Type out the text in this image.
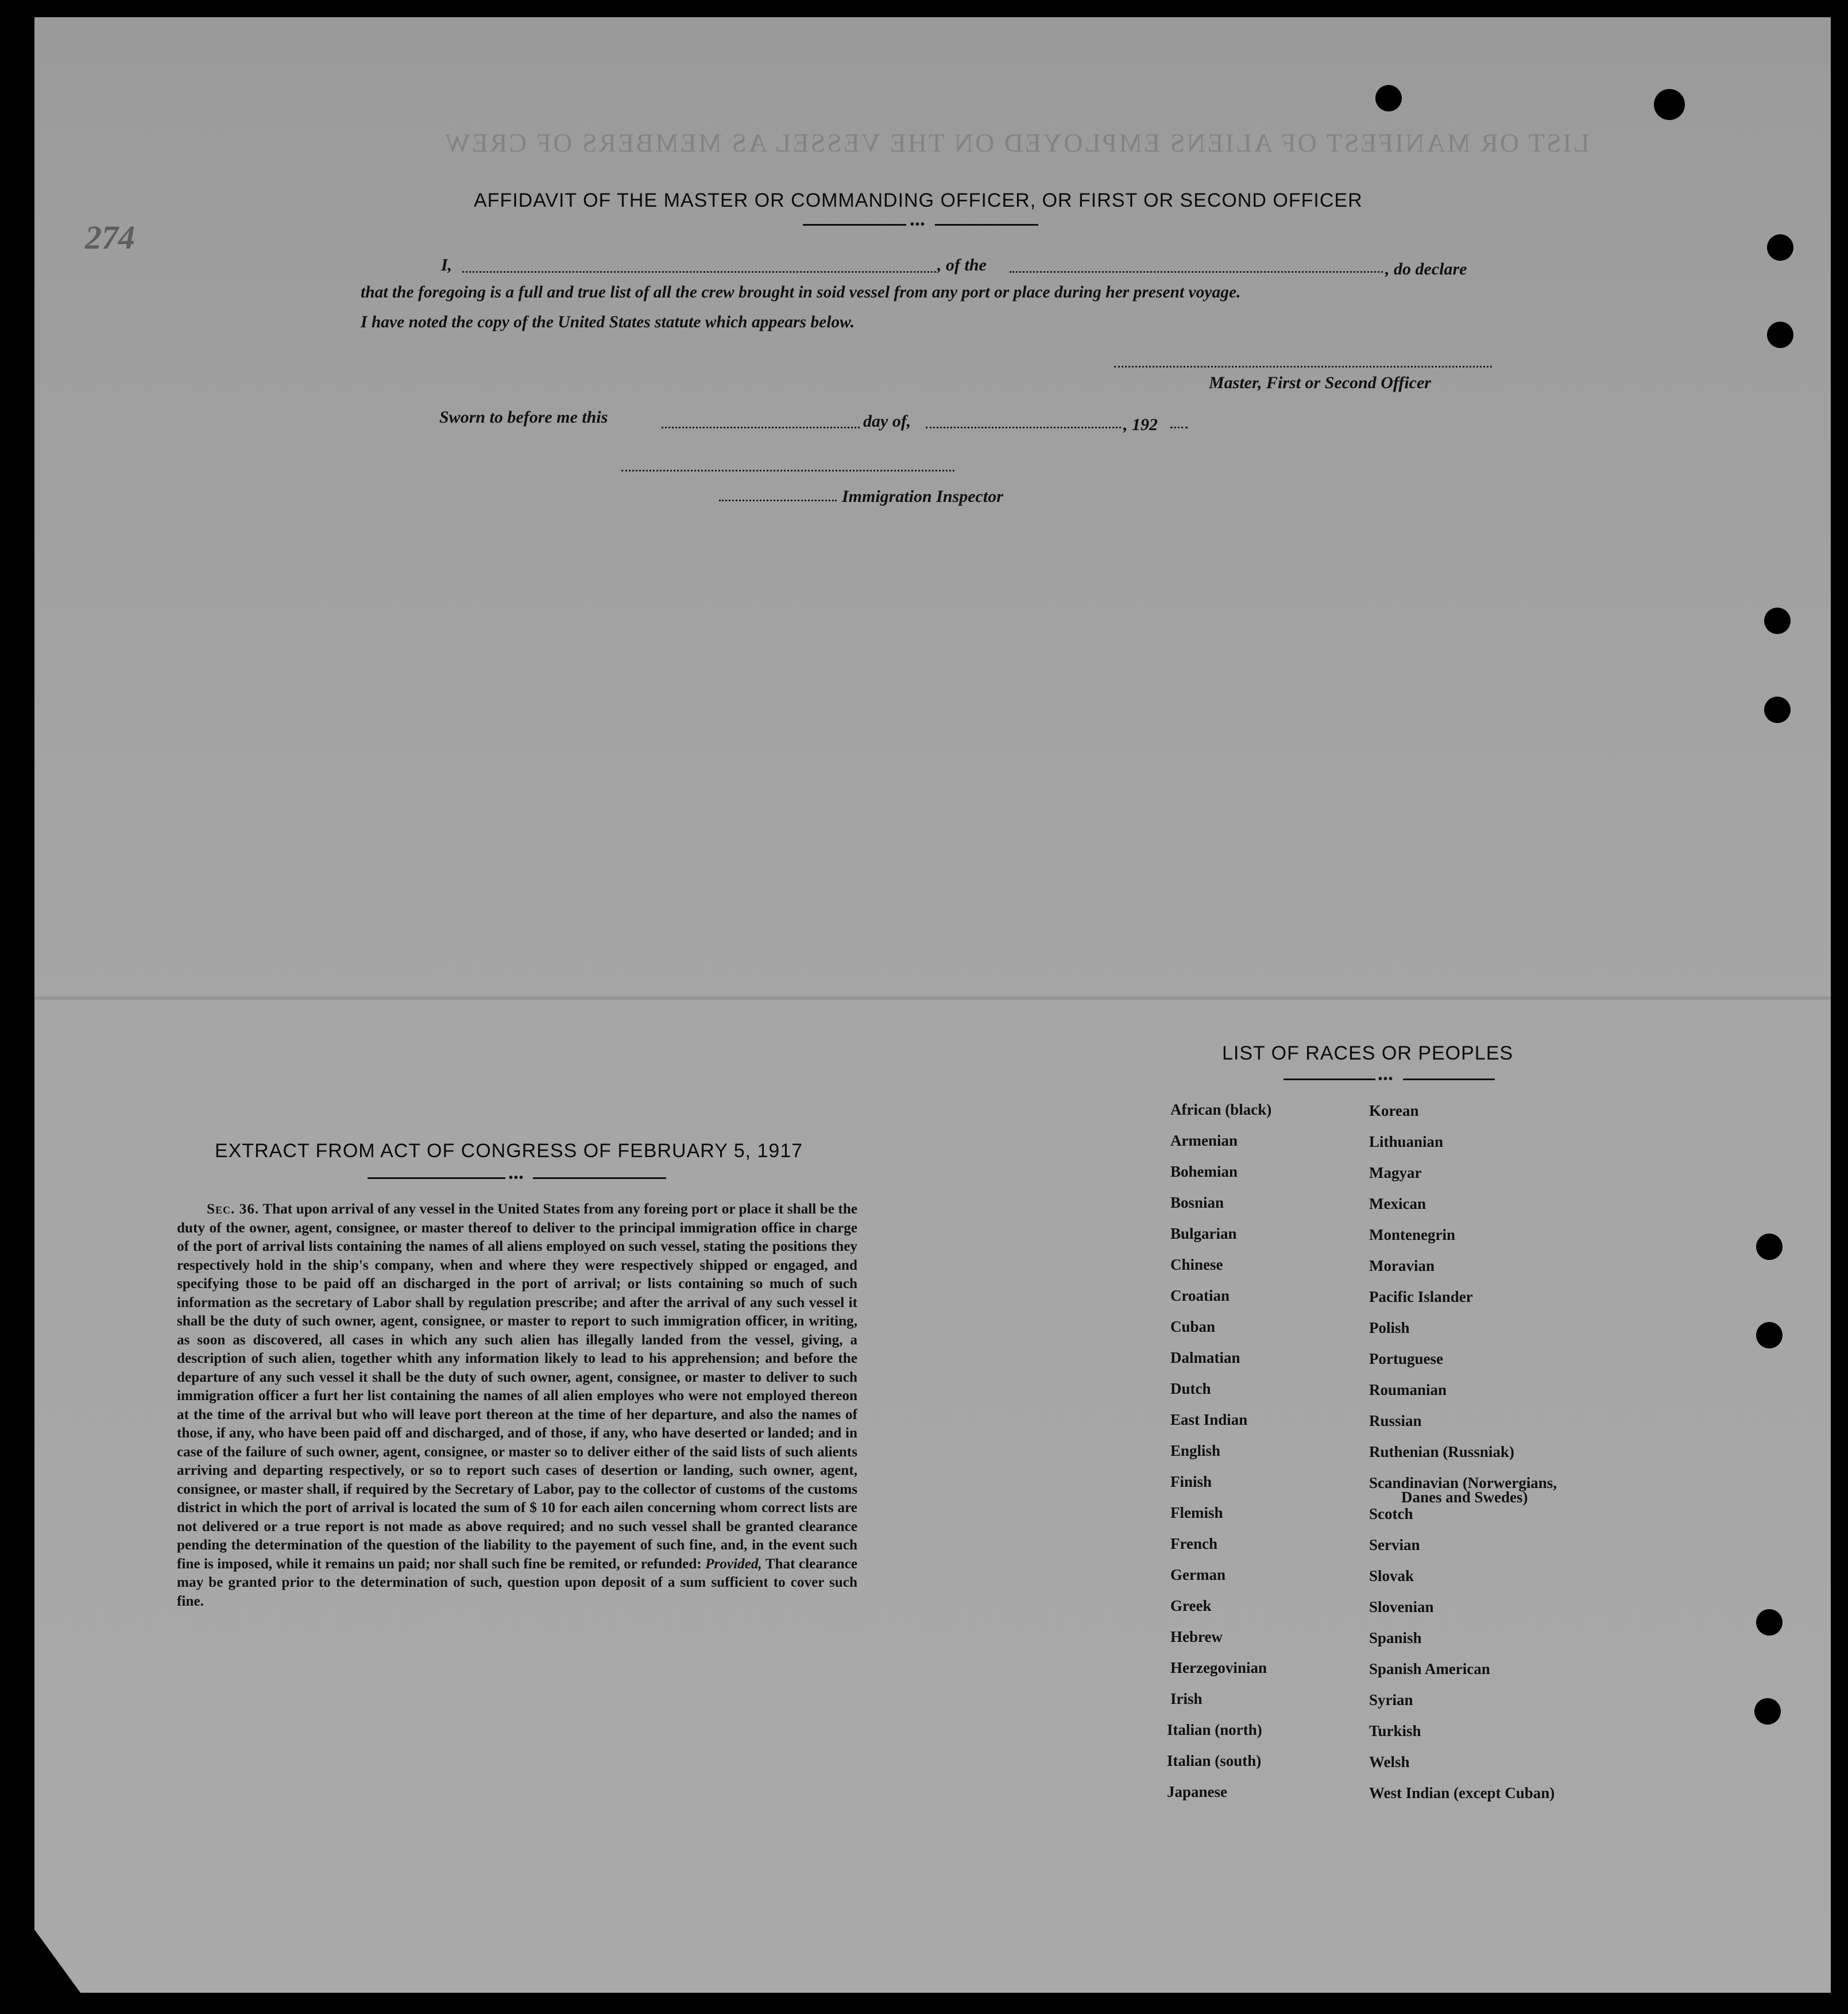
LIST OR MANIFEST OF ALIENS EMPLOYED ON THE VESSEL AS MEMBERS OF CREW
274
AFFIDAVIT OF THE MASTER OR COMMANDING OFFICER, OR FIRST OR SECOND OFFICER
•••
I,	, of the	, do declare
that the foregoing is a full and true list of all the crew brought in soid vessel from any port or place during her present voyage.
I have noted the copy of the United States statute which appears below.
Master, First or Second Officer
Sworn to before me this	day of,	, 192
Immigration Inspector
EXTRACT FROM ACT OF CONGRESS OF FEBRUARY 5, 1917
•••
Sec. 36. That upon arrival of any vessel in the United States from any foreing port or place it shall be the duty of the owner, agent, consignee, or master thereof to deliver to the principal immigration office in charge of the port of arrival lists containing the names of all aliens employed on such vessel, stating the positions they respectively hold in the ship's company, when and where they were respectively shipped or engaged, and specifying those to be paid off an discharged in the port of arrival; or lists containing so much of such information as the secretary of Labor shall by regulation prescribe; and after the arrival of any such vessel it shall be the duty of such owner, agent, consignee, or master to report to such immigration officer, in writing, as soon as discovered, all cases in which any such alien has illegally landed from the vessel, giving, a description of such alien, together whith any information likely to lead to his apprehension; and before the departure of any such vessel it shall be the duty of such owner, agent, consignee, or master to deliver to such immigration officer a furt her list containing the names of all alien employes who were not employed thereon at the time of the arrival but who will leave port thereon at the time of her departure, and also the names of those, if any, who have been paid off and discharged, and of those, if any, who have deserted or landed; and in case of the failure of such owner, agent, consignee, or master so to deliver either of the said lists of such alients arriving and departing respectively, or so to report such cases of desertion or landing, such owner, agent, consignee, or master shall, if required by the Secretary of Labor, pay to the collector of customs of the customs district in which the port of arrival is located the sum of $ 10 for each ailen concerning whom correct lists are not delivered or a true report is not made as above required; and no such vessel shall be granted clearance pending the determination of the question of the liability to the payement of such fine, and, in the event such fine is imposed, while it remains un paid; nor shall such fine be remited, or refunded: Provided, That clearance may be granted prior to the determination of such, question upon deposit of a sum sufficient to cover such fine.
LIST OF RACES OR PEOPLES
•••
African (black)
Armenian
Bohemian
Bosnian
Bulgarian
Chinese
Croatian
Cuban
Dalmatian
Dutch
East Indian
English
Finish
Flemish
French
German
Greek
Hebrew
Herzegovinian
Irish
Italian (north)
Italian (south)
Japanese
Korean
Lithuanian
Magyar
Mexican
Montenegrin
Moravian
Pacific Islander
Polish
Portuguese
Roumanian
Russian
Ruthenian (Russniak)
Scandinavian (Norwergians,
Danes and Swedes)
Scotch
Servian
Slovak
Slovenian
Spanish
Spanish American
Syrian
Turkish
Welsh
West Indian (except Cuban)
